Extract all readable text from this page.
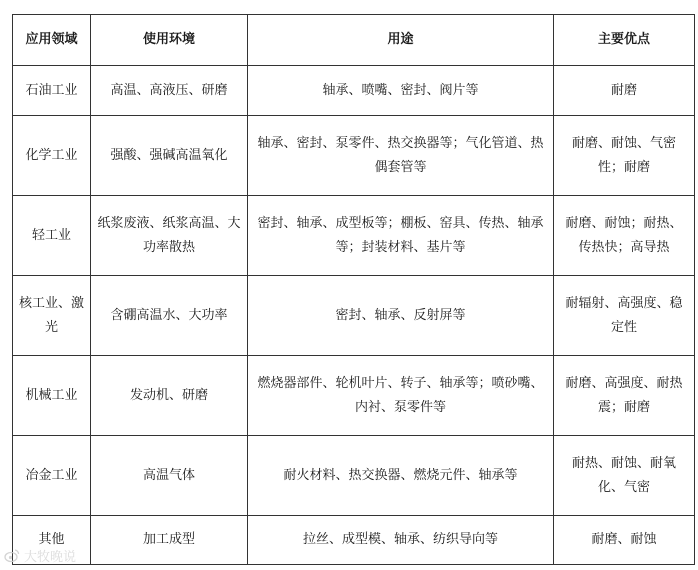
应用领域	使用环境	用途	主要优点
石油工业	高温、高液压、研磨	轴承、喷嘴、密封、阀片等	耐磨
化学工业	强酸、强碱高温氧化	轴承、密封、泵零件、热交换器等；气化管道、热偶套管等	耐磨、耐蚀、气密性；耐磨
轻工业	纸浆废液、纸浆高温、大功率散热	密封、轴承、成型板等；棚板、窑具、传热、轴承等；封装材料、基片等	耐磨、耐蚀；耐热、传热快；高导热
核工业、激光	含硼高温水、大功率	密封、轴承、反射屏等	耐辐射、高强度、稳定性
机械工业	发动机、研磨	燃烧器部件、轮机叶片、转子、轴承等；喷砂嘴、内衬、泵零件等	耐磨、高强度、耐热震；耐磨
冶金工业	高温气体	耐火材料、热交换器、燃烧元件、轴承等	耐热、耐蚀、耐氧化、气密
其他	加工成型	拉丝、成型模、轴承、纺织导向等	耐磨、耐蚀
大牧晚说
